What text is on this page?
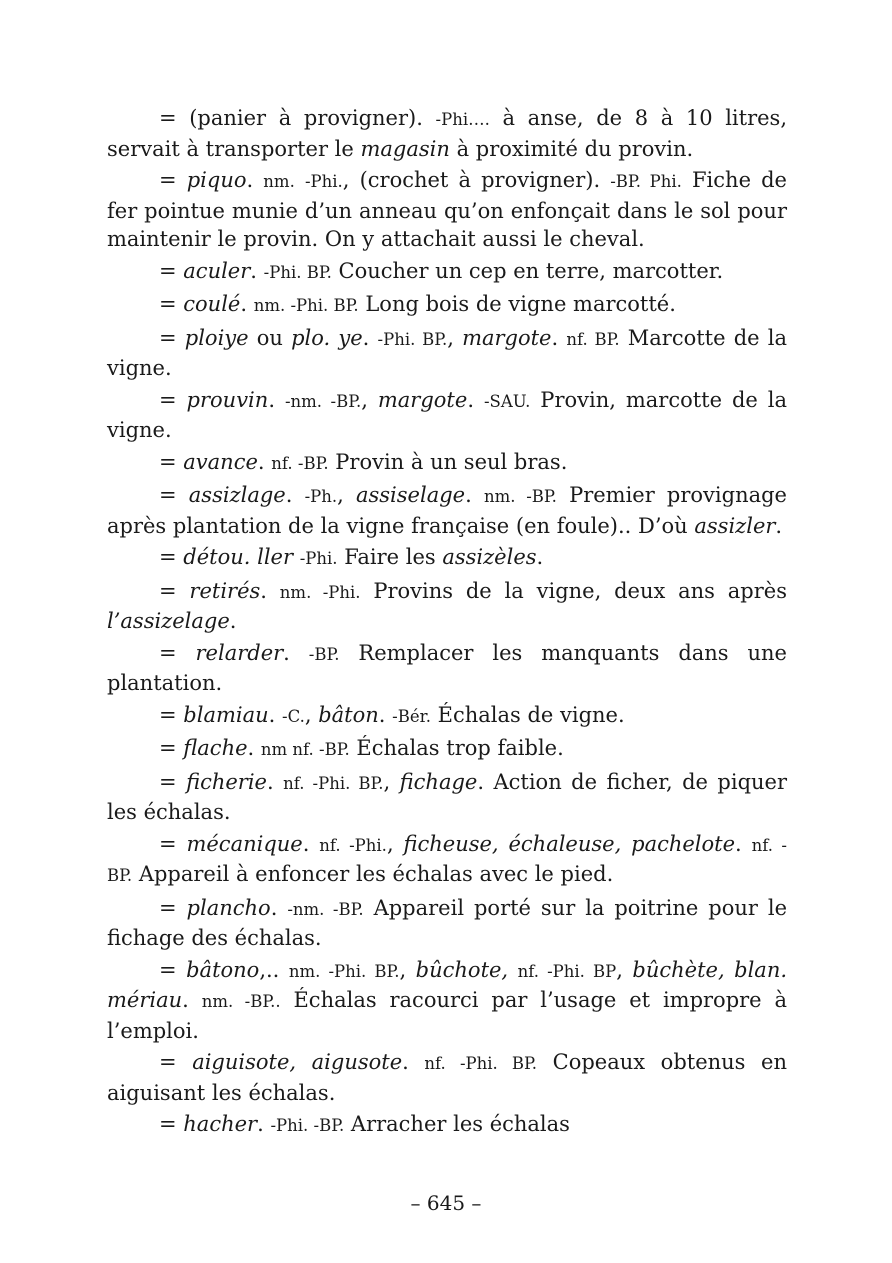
= (panier à provigner). -Phi…. à anse, de 8 à 10 litres, servait à transporter le magasin à proximité du provin.

= piquo. nm. -Phi., (crochet à provigner). -BP. Phi. Fiche de fer pointue munie d’un anneau qu’on enfonçait dans le sol pour maintenir le provin. On y attachait aussi le cheval.

= aculer. -Phi. BP. Coucher un cep en terre, marcotter.

= coulé. nm. -Phi. BP. Long bois de vigne marcotté.

= ploiye ou plo. ye. -Phi. BP., margote. nf. BP. Marcotte de la vigne.

= prouvin. -nm. -BP., margote. -SAU. Provin, marcotte de la vigne.

= avance. nf. -BP. Provin à un seul bras.

= assizlage. -Ph., assiselage. nm. -BP. Premier provignage après plantation de la vigne française (en foule).. D’où assizler.

= détou. ller -Phi. Faire les assizèles.

= retirés. nm. -Phi. Provins de la vigne, deux ans après l’assizelage.

= relarder. -BP. Remplacer les manquants dans une plantation.

= blamiau. -C., bâton. -Bér. Échalas de vigne.

= flache. nm nf. -BP. Échalas trop faible.

= ficherie. nf. -Phi. BP., fichage. Action de ficher, de piquer les échalas.

= mécanique. nf. -Phi., ficheuse, échaleuse, pachelote. nf. - BP. Appareil à enfoncer les échalas avec le pied.

= plancho. -nm. -BP. Appareil porté sur la poitrine pour le fichage des échalas.

= bâtono,.. nm. -Phi. BP., bûchote, nf. -Phi. BP, bûchète, blan. mériau. nm. -BP.. Échalas racourci par l’usage et impropre à l’emploi.

= aiguisote, aigusote. nf. -Phi. BP. Copeaux obtenus en aiguisant les échalas.

= hacher. -Phi. -BP. Arracher les échalas

– 645 –
